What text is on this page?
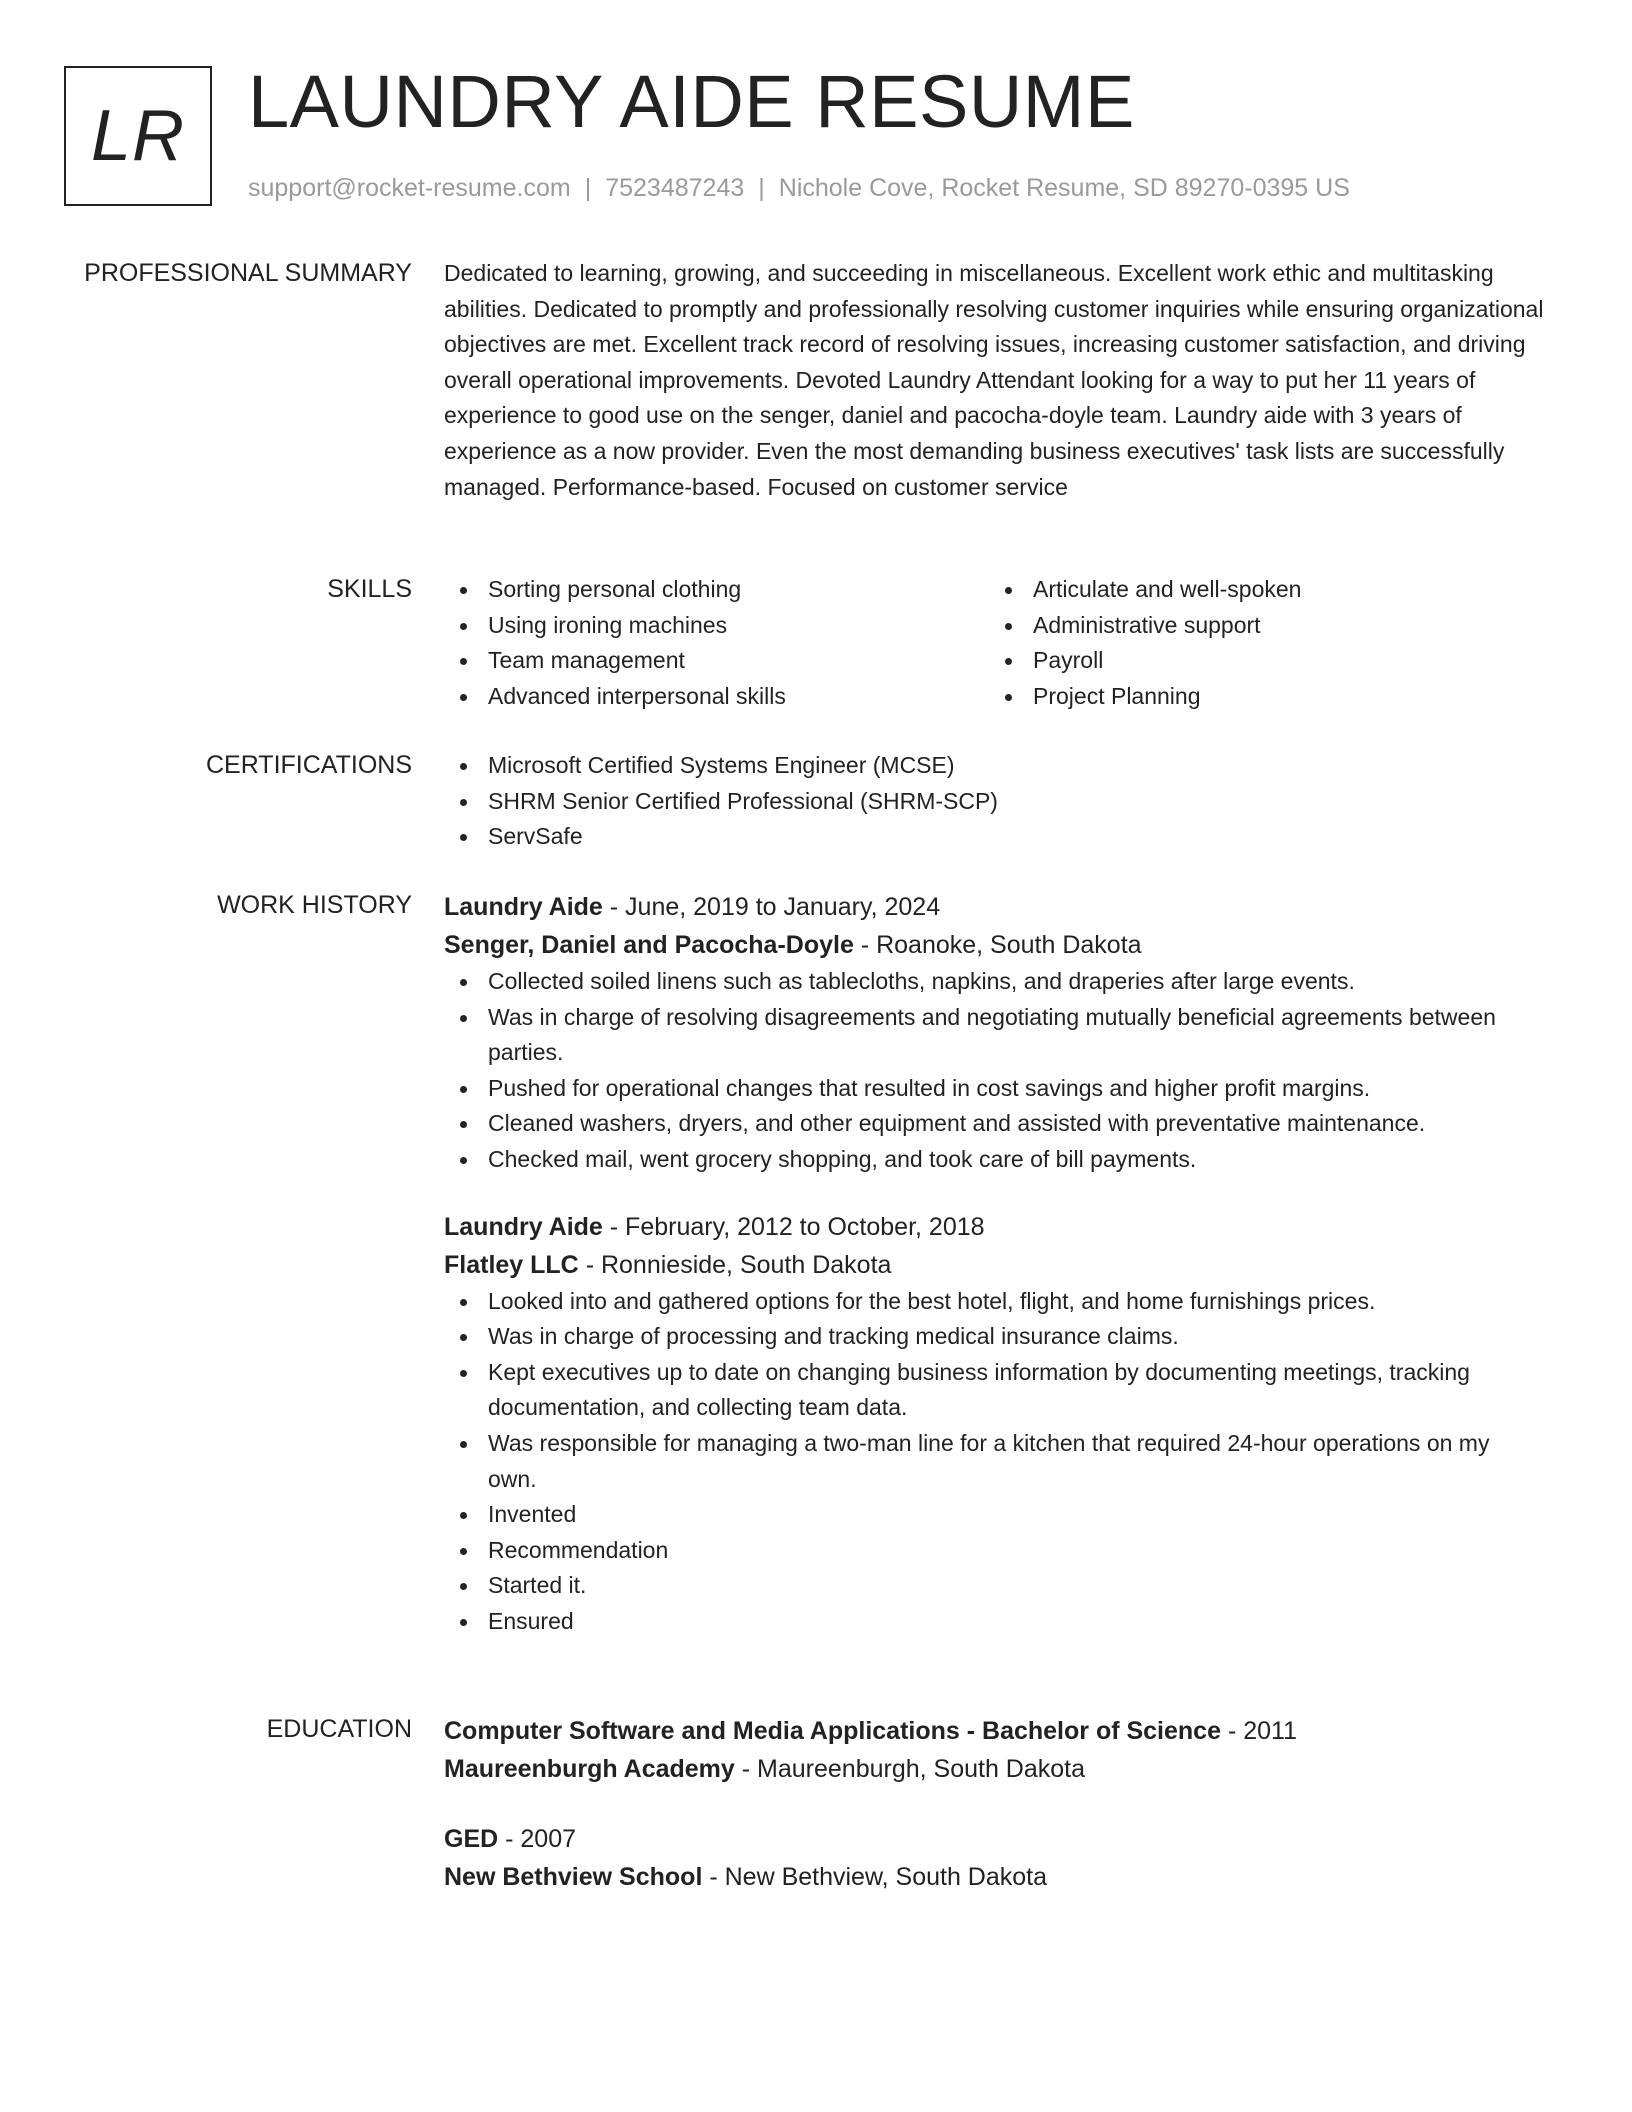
LR LAUNDRY AIDE RESUME
support@rocket-resume.com | 7523487243 | Nichole Cove, Rocket Resume, SD 89270-0395 US
PROFESSIONAL SUMMARY Dedicated to learning, growing, and succeeding in miscellaneous. Excellent work ethic and multitasking abilities. Dedicated to promptly and professionally resolving customer inquiries while ensuring organizational objectives are met. Excellent track record of resolving issues, increasing customer satisfaction, and driving overall operational improvements. Devoted Laundry Attendant looking for a way to put her 11 years of experience to good use on the senger, daniel and pacocha-doyle team. Laundry aide with 3 years of experience as a now provider. Even the most demanding business executives' task lists are successfully managed. Performance-based. Focused on customer service

SKILLS	Sorting personal clothing
Using ironing machines
Team management
Advanced interpersonal skills
Articulate and well-spoken
Administrative support
Payroll
Project Planning
CERTIFICATIONS	Microsoft Certified Systems Engineer (MCSE)
SHRM Senior Certified Professional (SHRM-SCP)
ServSafe
WORK HISTORY Laundry Aide - June, 2019 to January, 2024
Senger, Daniel and Pacocha-Doyle - Roanoke, South Dakota
Collected soiled linens such as tablecloths, napkins, and draperies after large events.
Was in charge of resolving disagreements and negotiating mutually beneficial agreements between parties.
Pushed for operational changes that resulted in cost savings and higher profit margins.
Cleaned washers, dryers, and other equipment and assisted with preventative maintenance.
Checked mail, went grocery shopping, and took care of bill payments.
Laundry Aide - February, 2012 to October, 2018
Flatley LLC - Ronnieside, South Dakota
Looked into and gathered options for the best hotel, flight, and home furnishings prices.
Was in charge of processing and tracking medical insurance claims.
Kept executives up to date on changing business information by documenting meetings, tracking documentation, and collecting team data.
Was responsible for managing a two-man line for a kitchen that required 24-hour operations on my own.
Invented
Recommendation
Started it.
Ensured
EDUCATION Computer Software and Media Applications - Bachelor of Science - 2011
Maureenburgh Academy - Maureenburgh, South Dakota
GED - 2007
New Bethview School - New Bethview, South Dakota
